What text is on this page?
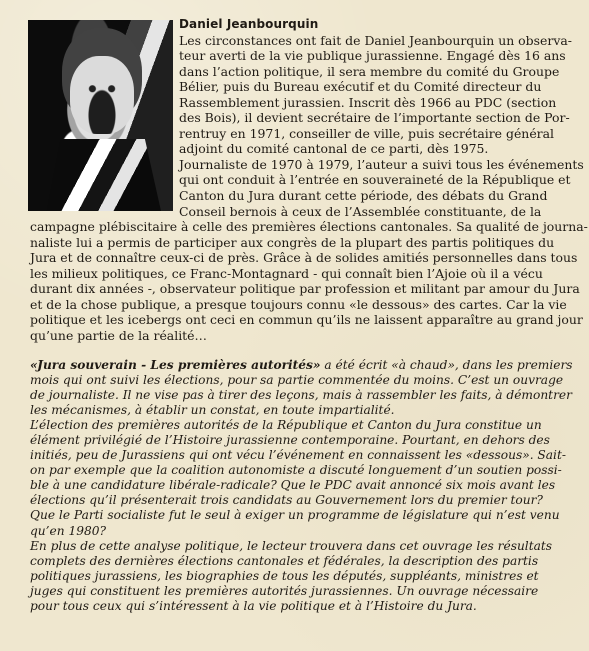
Daniel Jeanbourquin
Les circonstances ont fait de Daniel Jeanbourquin un observa-
teur averti de la vie publique jurassienne. Engagé dès 16 ans
dans l’action politique, il sera membre du comité du Groupe
Bélier, puis du Bureau exécutif et du Comité directeur du
Rassemblement jurassien. Inscrit dès 1966 au PDC (section
des Bois), il devient secrétaire de l’importante section de Por-
rentruy en 1971, conseiller de ville, puis secrétaire général
adjoint du comité cantonal de ce parti, dès 1975.
Journaliste de 1970 à 1979, l’auteur a suivi tous les événements
qui ont conduit à l’entrée en souveraineté de la République et
Canton du Jura durant cette période, des débats du Grand
Conseil bernois à ceux de l’Assemblée constituante, de la
campagne plébiscitaire à celle des premières élections cantonales. Sa qualité de journa-
naliste lui a permis de participer aux congrès de la plupart des partis politiques du
Jura et de connaître ceux-ci de près. Grâce à de solides amitiés personnelles dans tous
les milieux politiques, ce Franc-Montagnard - qui connaît bien l’Ajoie où il a vécu
durant dix années -, observateur politique par profession et militant par amour du Jura
et de la chose publique, a presque toujours connu «le dessous» des cartes. Car la vie
politique et les icebergs ont ceci en commun qu’ils ne laissent apparaître au grand jour
qu’une partie de la réalité…
«Jura souverain - Les premières autorités» a été écrit «à chaud», dans les premiers
mois qui ont suivi les élections, pour sa partie commentée du moins. C’est un ouvrage
de journaliste. Il ne vise pas à tirer des leçons, mais à rassembler les faits, à démontrer
les mécanismes, à établir un constat, en toute impartialité.
L’élection des premières autorités de la République et Canton du Jura constitue un
élément privilégié de l’Histoire jurassienne contemporaine. Pourtant, en dehors des
initiés, peu de Jurassiens qui ont vécu l’événement en connaissent les «dessous». Sait-
on par exemple que la coalition autonomiste a discuté longuement d’un soutien possi-
ble à une candidature libérale-radicale? Que le PDC avait annoncé six mois avant les
élections qu’il présenterait trois candidats au Gouvernement lors du premier tour?
Que le Parti socialiste fut le seul à exiger un programme de législature qui n’est venu
qu’en 1980?
En plus de cette analyse politique, le lecteur trouvera dans cet ouvrage les résultats
complets des dernières élections cantonales et fédérales, la description des partis
politiques jurassiens, les biographies de tous les députés, suppléants, ministres et
juges qui constituent les premières autorités jurassiennes. Un ouvrage nécessaire
pour tous ceux qui s’intéressent à la vie politique et à l’Histoire du Jura.
